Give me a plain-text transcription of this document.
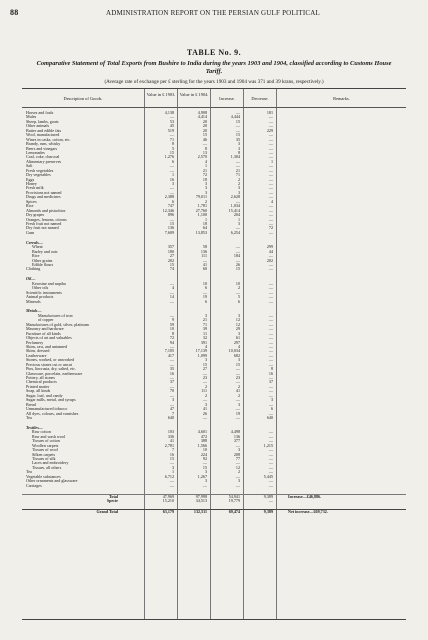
88	ADMINISTRATION REPORT ON THE PERSIAN GULF POLITICAL
TABLE No. 9.
Comparative Statement of Total Exports from Bushire to India during the years 1903 and 1904, classified according to Customs House Tariff.
(Average rate of exchange per £ sterling for the years 1903 and 1904 was 371 and 39 krans, respectively.)
Description of Goods.
Value in £ 1903. Value in £ 1904.
Increase.	Decrease.	Remarks.
Horses and foals	4,138	4,908	—	181
Mules	—	4,414	4,444	—
Sheep, lambs, goats	53	20	15	—
Other animals	45	20	—	—
Butter and edible fats	519	20	—	229
Wool, manufactured	—	15	15	—
Wines in casks, cotton, etc.	71	46	35	—
Brandy, rum, whisky	8	—	3	—
Beers and vinegars	5	8	3	—
Lemonades	15	13	8	—
Coal, coke, charcoal	1,276	2,570	1,304	—
Alimentary preserves	6	4	—	1
Salt	—	1	—	—
Fresh vegetables	—	21	21	—
Dry vegetables	1	72	71	—
Eggs	16	18	2	—
Honey	3	3	2	—
Fresh milk	—	3	3	—
Provisions not named	—	3	3	—
Drugs and medicines	2,388	79,011	2,628	—
Spices	6	2	—	4
Rice	747	1,781	1,034	—
Almonds and pistachios	12,346	27,760	15,414	—
Dry grapes	896	1,100	204	—
Oranges, lemons, citrons	—	1	1	—
Fresh fruit not named	15	18	3	—
Dry fruit not named	136	64	—	72
Gum	7,609	13,853	6,254	—
Cereals—
Wheat	357	58	—	299
Barley and oats	180	136	—	44
Rice	27	111	184	—
Other grains	202	—	—	202
Edible flours	15	41	26	—
Clothing	74	60	15	—
Oil—
Kerosine and naptha	—	10	10	—
Other oils	4	6	2	—
Scientific instruments	—	—	—	—
Animal products	14	19	5	—
Minerals	—	6	6	—
Metals—
Manufactures of iron	—	3	3	—
of copper	9	21	12	—
Manufactures of gold, silver, platinum	59	71	12	—
Masonry and hardware	10	39	29	—
Furniture of all kinds	8	11	3	—
Objects of art and valuables	72	32	61	—
Perfumery	94	391	297	—
Skins, raw, and untanned	—	4	4	—
Skins, dressed	7,105	17,139	10,034	—
Leatherware	417	1,099	682	—
Stones, worked, or unworked	—	3	3	—
Precious stones cut or uncut	—	15	15	—
Pins, lincrusta, dry, salted, etc.	35	27	—	8
Glassware, porcelain, earthenware	16	—	—	16
Pottery, all stones	—	23	23	—
Chemical products	37	—	—	37
Printed matter	—	2	2	—
Soap, all kinds	70	111	41	—
Sugar, loaf, and candy	—	2	2	—
Sugar mills, metal, and syrups	3	—	—	3
Bread	—	3	3	—
Unmanufactured tobacco	47	41	—	6
All dyes, colours, and varnishes	7	26	19	—
Tea	640	—	—	640
Textiles—
Raw cotton	103	4,601	4,498	—
Raw and wash wool	336	472	136	—
Tissues of cotton	41	388	377	—
Woollen carpets	2,781	1,566	—	1,215
Tissues of wool	7	10	3	—
Silken carpets	16	224	208	—
Tissues of silk	15	92	77	—
Laces and embroidery	—	—	—	—
Tissues, all others	3	15	12	—
Tea	1	3	2	—
Vegetable substances	6,712	1,267	—	5,445
Other ornaments and glassware	—	3	3	—
Carriages	—	—	—	—
Total	47,969	97,998	54,941	9,389	Increase—£46,886.
Specie	15,210	34,513	19,779	—
Grand Total	63,179	132,511	69,474	9,389	Net increase—£69,732.
